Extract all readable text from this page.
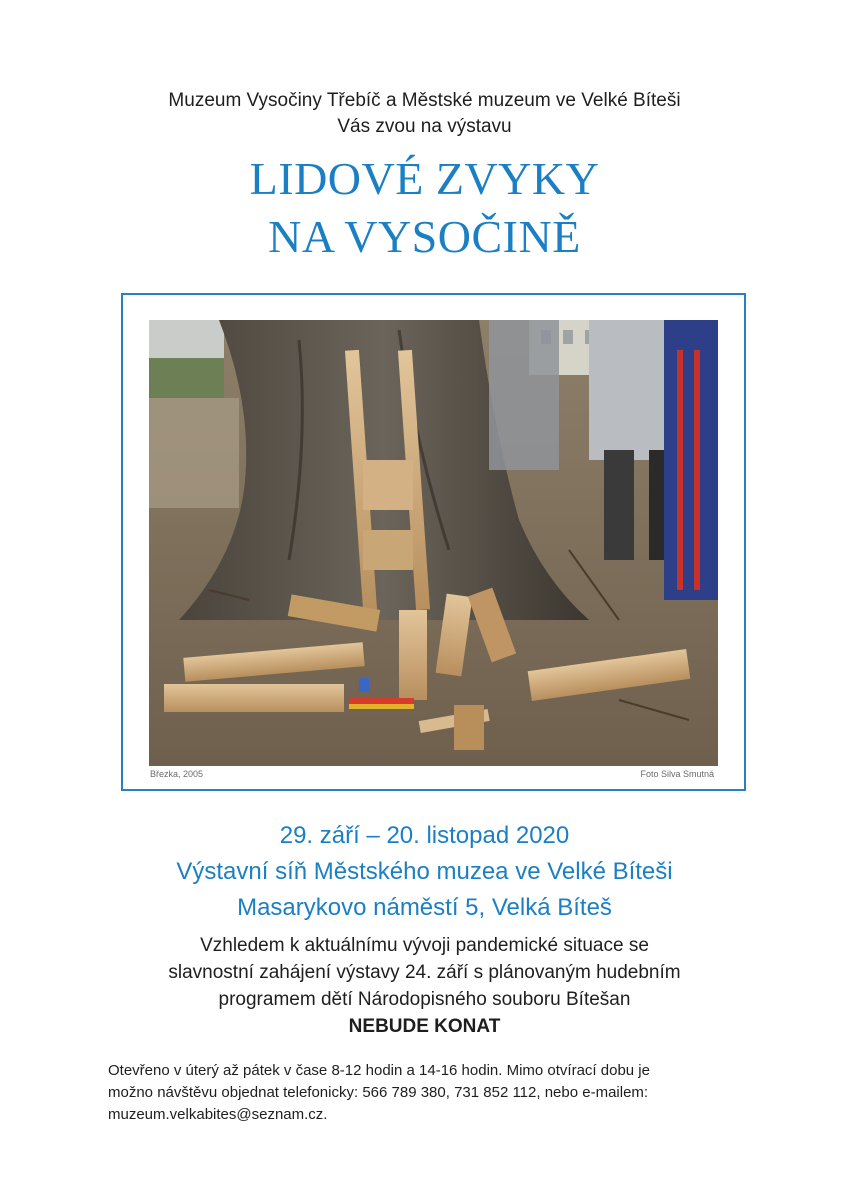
Muzeum Vysočiny Třebíč a Městské muzeum ve Velké Bíteši
Vás zvou na výstavu
LIDOVÉ ZVYKY
NA VYSOČINĚ
Březka, 2005	Foto Silva Smutná
29. září – 20. listopad 2020
Výstavní síň Městského muzea ve Velké Bíteši
Masarykovo náměstí 5, Velká Bíteš
Vzhledem k aktuálnímu vývoji pandemické situace se
slavnostní zahájení výstavy 24. září s plánovaným hudebním
programem dětí Národopisného souboru Bítešan
NEBUDE KONAT
Otevřeno v úterý až pátek v čase 8-12 hodin a 14-16 hodin. Mimo otvírací dobu je
možno návštěvu objednat telefonicky: 566 789 380, 731 852 112, nebo e-mailem:
muzeum.velkabites@seznam.cz.
